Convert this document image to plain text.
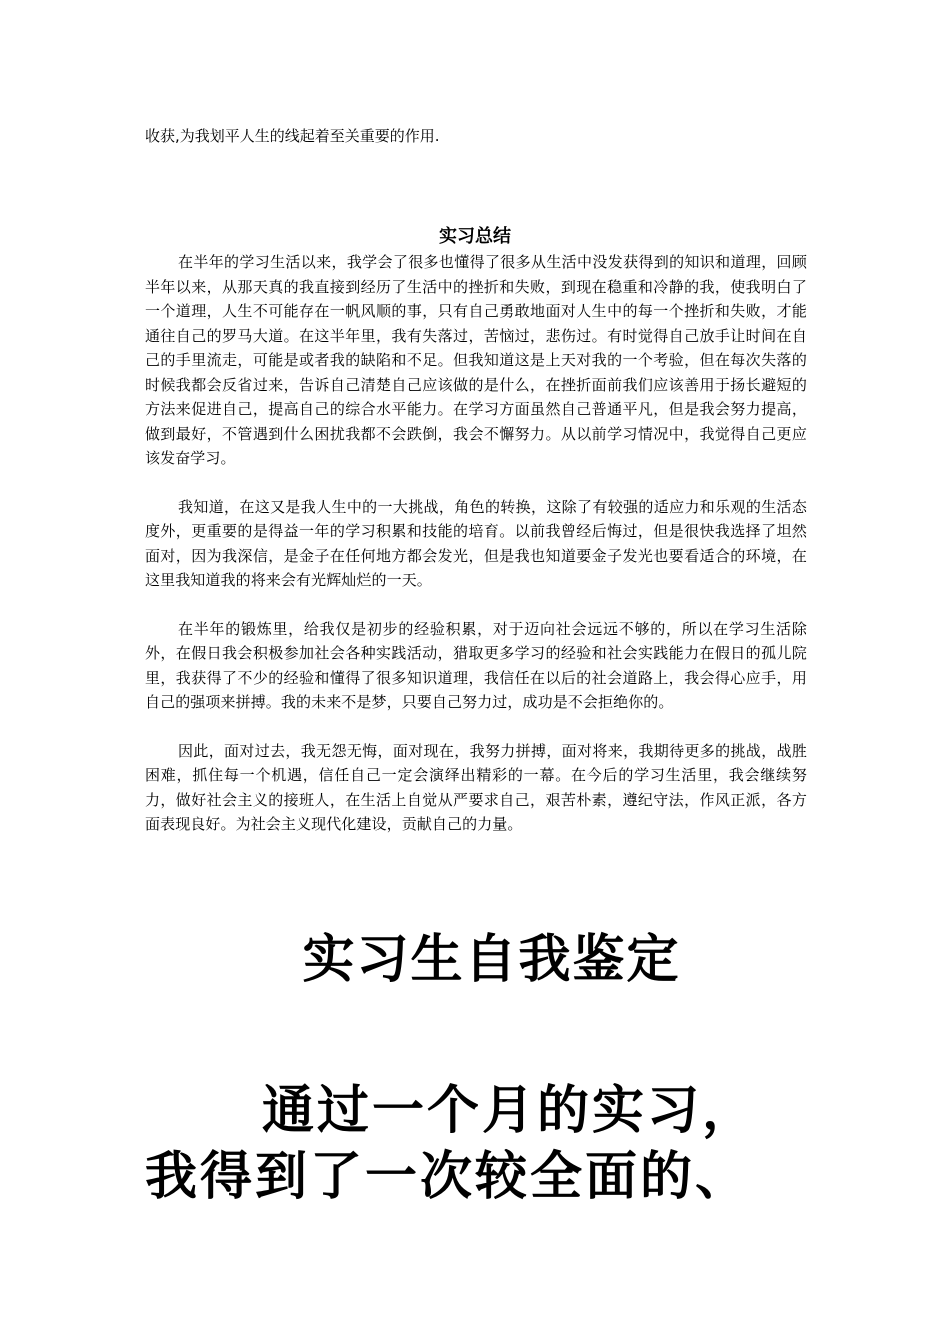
收获,为我划平人生的线起着至关重要的作用.
实习总结

在半年的学习生活以来，我学会了很多也懂得了很多从生活中没发获得到的知识和道理，回顾半年以来，从那天真的我直接到经历了生活中的挫折和失败，到现在稳重和冷静的我，使我明白了一个道理，人生不可能存在一帆风顺的事，只有自己勇敢地面对人生中的每一个挫折和失败，才能通往自己的罗马大道。在这半年里，我有失落过，苦恼过，悲伤过。有时觉得自己放手让时间在自己的手里流走，可能是或者我的缺陷和不足。但我知道这是上天对我的一个考验，但在每次失落的时候我都会反省过来，告诉自己清楚自己应该做的是什么，在挫折面前我们应该善用于扬长避短的方法来促进自己，提高自己的综合水平能力。在学习方面虽然自己普通平凡，但是我会努力提高，做到最好，不管遇到什么困扰我都不会跌倒，我会不懈努力。从以前学习情况中，我觉得自己更应该发奋学习。

我知道，在这又是我人生中的一大挑战，角色的转换，这除了有较强的适应力和乐观的生活态度外，更重要的是得益一年的学习积累和技能的培育。以前我曾经后悔过，但是很快我选择了坦然面对，因为我深信，是金子在任何地方都会发光，但是我也知道要金子发光也要看适合的环境，在这里我知道我的将来会有光辉灿烂的一天。

在半年的锻炼里，给我仅是初步的经验积累，对于迈向社会远远不够的，所以在学习生活除外，在假日我会积极参加社会各种实践活动，猎取更多学习的经验和社会实践能力在假日的孤儿院里，我获得了不少的经验和懂得了很多知识道理，我信任在以后的社会道路上，我会得心应手，用自己的强项来拼搏。我的未来不是梦，只要自己努力过，成功是不会拒绝你的。

因此，面对过去，我无怨无悔，面对现在，我努力拼搏，面对将来，我期待更多的挑战，战胜困难，抓住每一个机遇，信任自己一定会演绎出精彩的一幕。在今后的学习生活里，我会继续努力，做好社会主义的接班人，在生活上自觉从严要求自己，艰苦朴素，遵纪守法，作风正派，各方面表现良好。为社会主义现代化建设，贡献自己的力量。

实习生自我鉴定
通过一个月的实习，我得到了一次较全面的、
